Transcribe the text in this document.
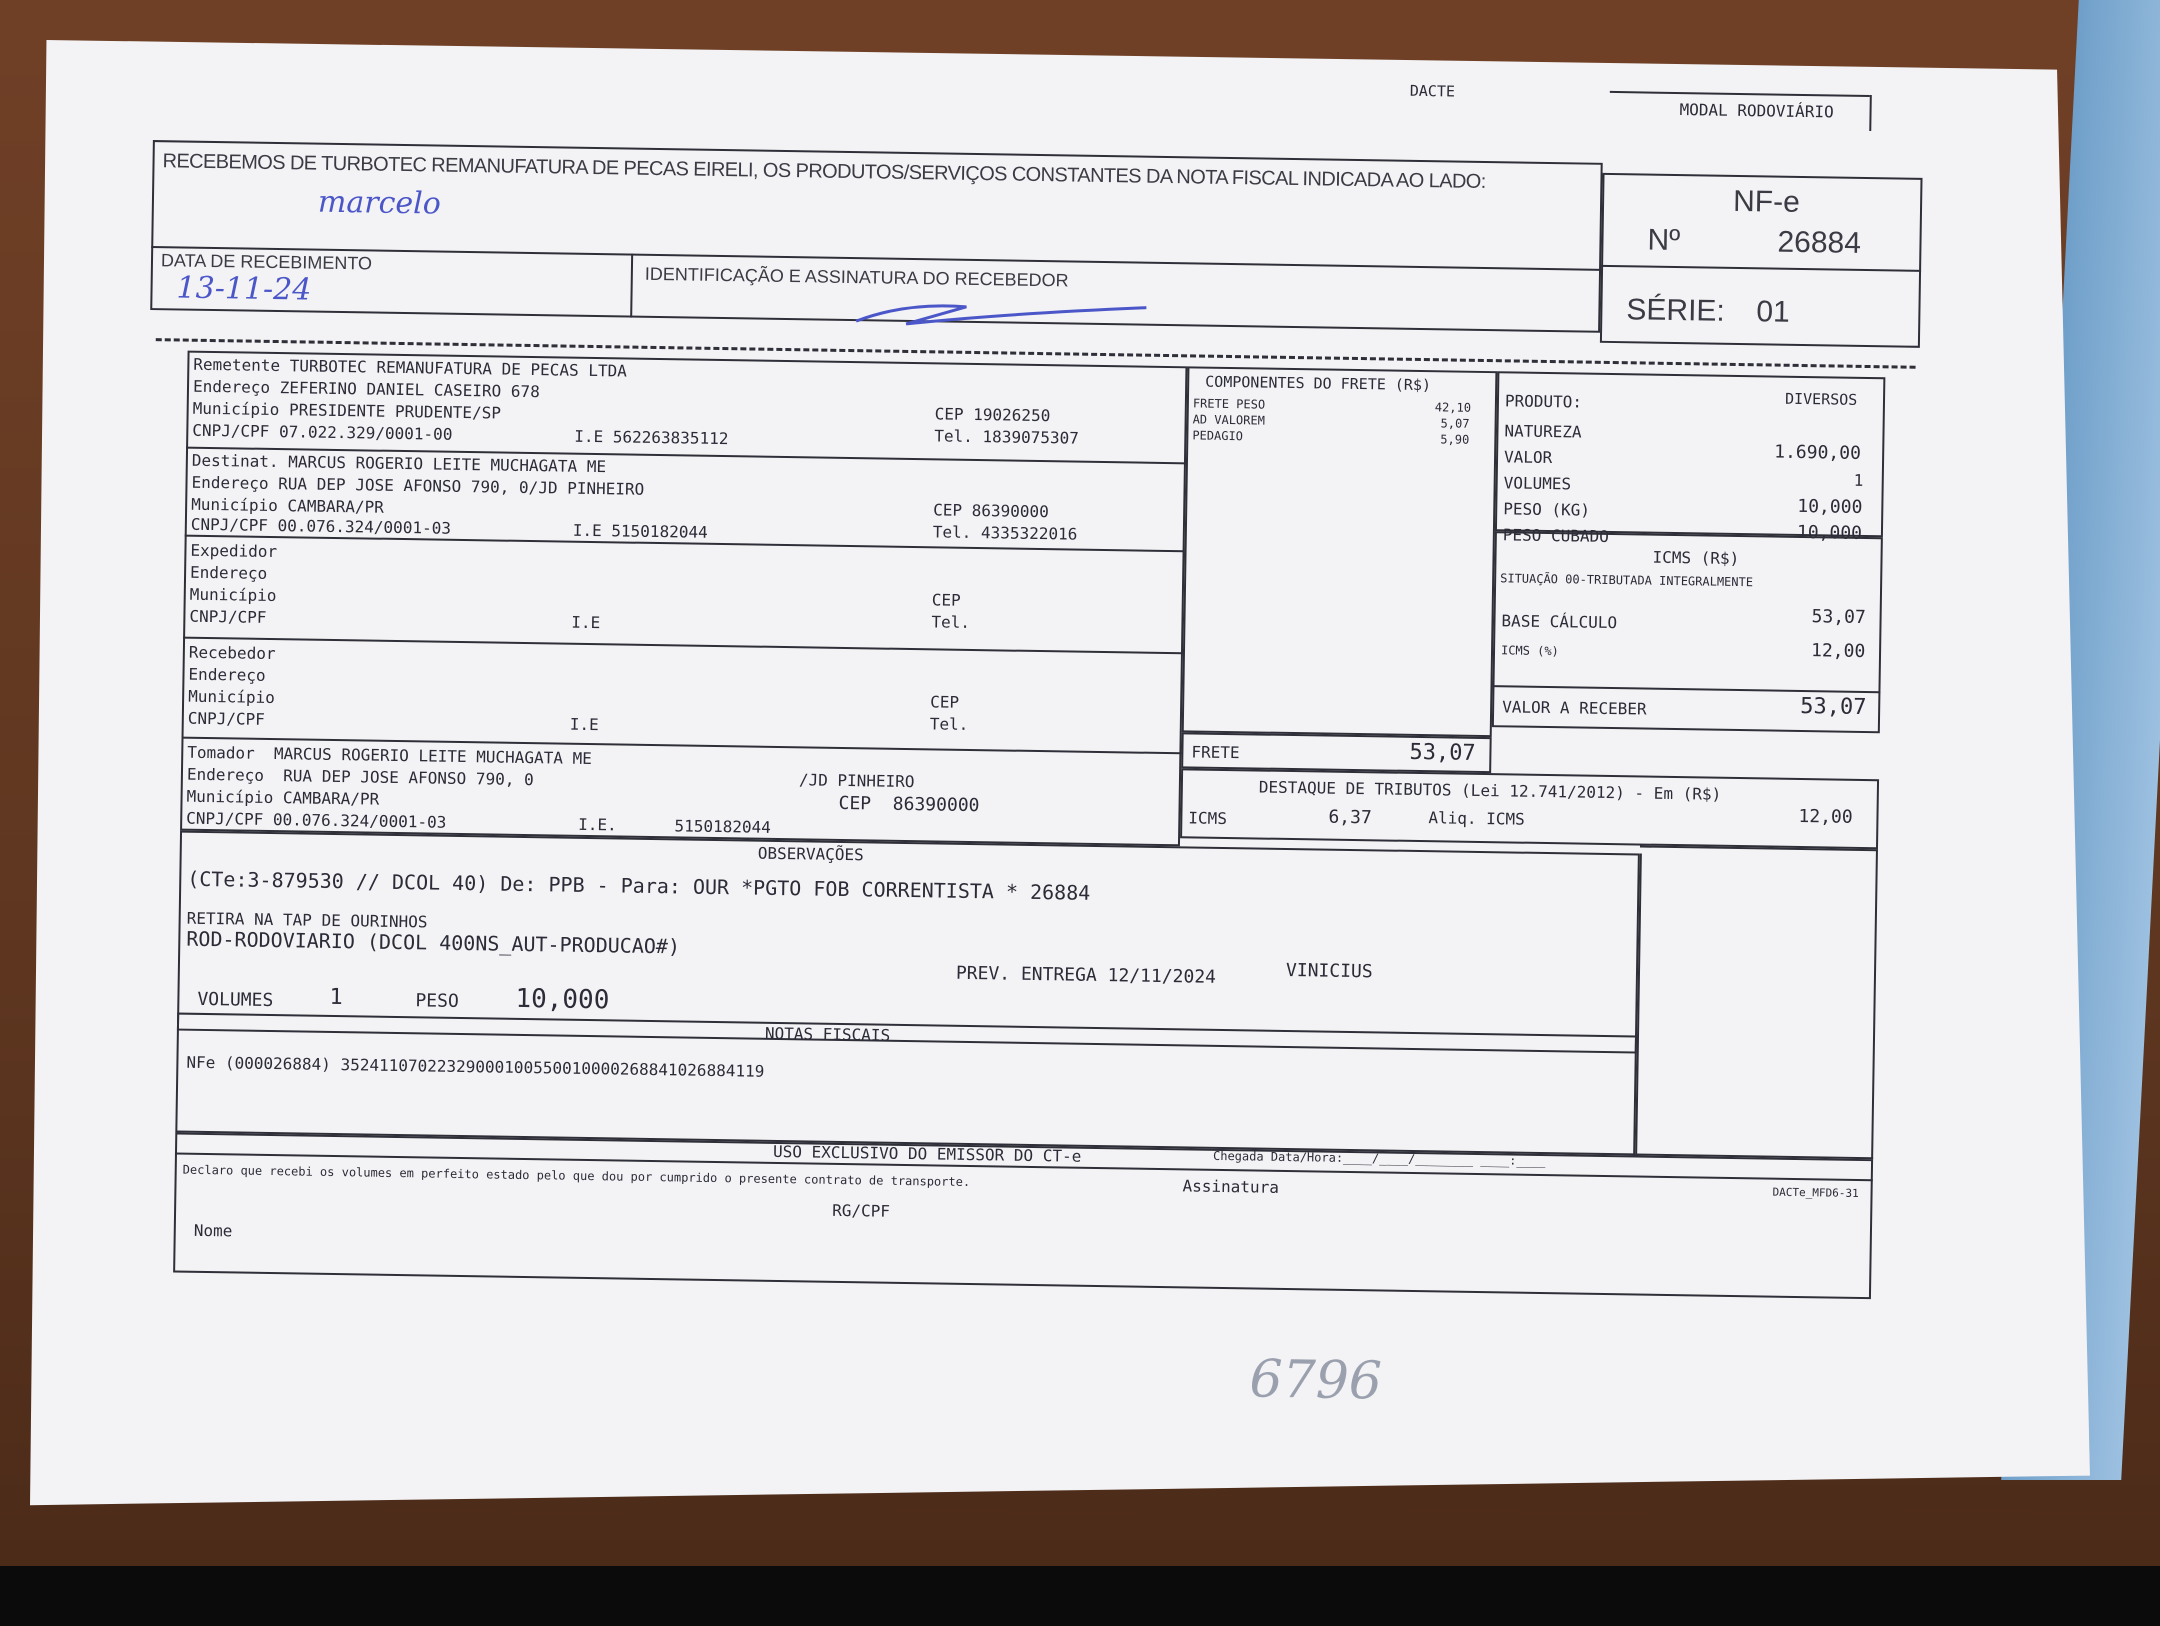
DACTE
MODAL RODOVIÁRIO
RECEBEMOS DE TURBOTEC REMANUFATURA DE PECAS EIRELI, OS PRODUTOS/SERVIÇOS CONSTANTES DA NOTA FISCAL INDICADA AO LADO:
marcelo
DATA DE RECEBIMENTO
13-11-24	IDENTIFICAÇÃO E ASSINATURA DO RECEBEDOR
NF-e
Nº	26884
SÉRIE: 01
Remetente TURBOTEC REMANUFATURA DE PECAS LTDA
Endereço ZEFERINO DANIEL CASEIRO 678
Município PRESIDENTE PRUDENTE/SP	CEP 19026250
CNPJ/CPF 07.022.329/0001-00	I.E 562263835112	Tel. 1839075307
Destinat. MARCUS ROGERIO LEITE MUCHAGATA ME
Endereço RUA DEP JOSE AFONSO 790, 0/JD PINHEIRO
Município CAMBARA/PR	CEP 86390000
CNPJ/CPF 00.076.324/0001-03	I.E 5150182044	Tel. 4335322016
Expedidor
Endereço
Município
CNPJ/CPF	I.E
CEP
Tel.
Recebedor
Endereço
Município
CNPJ/CPF	I.E
CEP
Tel.
Tomador MARCUS ROGERIO LEITE MUCHAGATA ME
Endereço RUA DEP JOSE AFONSO 790, 0	/JD PINHEIRO
Município CAMBARA/PR	CEP 86390000
CNPJ/CPF 00.076.324/0001-03	I.E.	5150182044
COMPONENTES DO FRETE (R$)
FRETE PESO	42,10
AD VALOREM	5,07
PEDAGIO	5,90
FRETE	53,07
PRODUTO:	DIVERSOS
NATUREZA
VALOR	1.690,00
VOLUMES	1
PESO (KG)	10,000
PESO CUBADO	10,000
ICMS (R$)
SITUAÇÃO 00-TRIBUTADA INTEGRALMENTE
BASE CÁLCULO	53,07
ICMS (%)	12,00
VALOR A RECEBER	53,07
DESTAQUE DE TRIBUTOS (Lei 12.741/2012) - Em (R$)
ICMS	6,37	Aliq. ICMS	12,00
OBSERVAÇÕES
(CTe:3-879530 // DCOL 40) De: PPB - Para: OUR *PGTO FOB CORRENTISTA * 26884
RETIRA NA TAP DE OURINHOS
ROD-RODOVIARIO (DCOL 400NS_AUT-PRODUCAO#)
PREV. ENTREGA 12/11/2024	VINICIUS
VOLUMES	1	PESO 10,000
NOTAS FISCAIS
NFe (000026884) 35241107022329000100550010000268841026884119
USO EXCLUSIVO DO EMISSOR DO CT-e	Chegada Data/Hora:____/____/________ ____:____
Declaro que recebi os volumes em perfeito estado pelo que dou por cumprido o presente contrato de transporte.	Assinatura	DACTe_MFD6-31
RG/CPF
Nome
6796
